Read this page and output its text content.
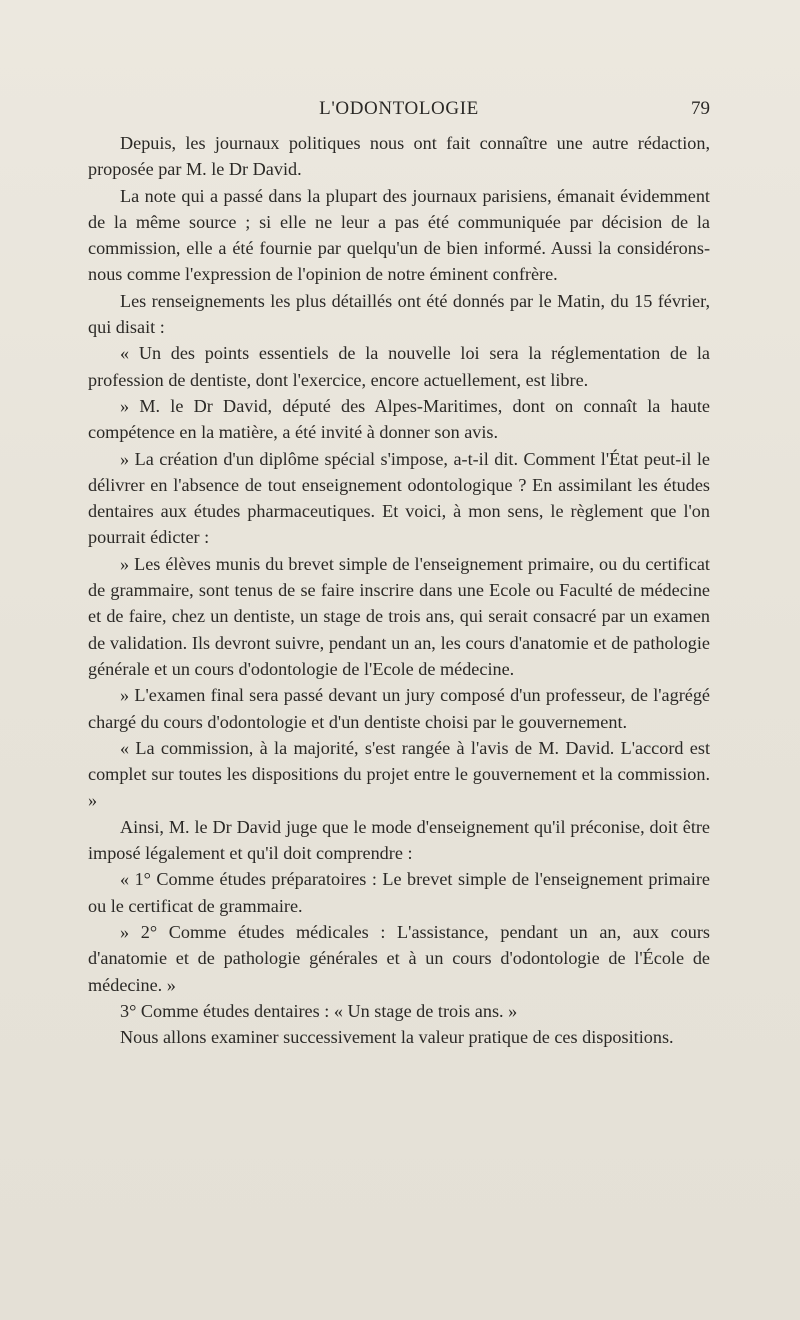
L'ODONTOLOGIE	79

Depuis, les journaux politiques nous ont fait connaître une autre rédaction, proposée par M. le Dr David.

La note qui a passé dans la plupart des journaux parisiens, émanait évidemment de la même source ; si elle ne leur a pas été communiquée par décision de la commission, elle a été fournie par quelqu'un de bien informé. Aussi la considérons-nous comme l'expression de l'opinion de notre éminent confrère.

Les renseignements les plus détaillés ont été donnés par le Matin, du 15 février, qui disait :

« Un des points essentiels de la nouvelle loi sera la réglementation de la profession de dentiste, dont l'exercice, encore actuellement, est libre.

» M. le Dr David, député des Alpes-Maritimes, dont on connaît la haute compétence en la matière, a été invité à donner son avis.

» La création d'un diplôme spécial s'impose, a-t-il dit. Comment l'État peut-il le délivrer en l'absence de tout enseignement odontologique ? En assimilant les études dentaires aux études pharmaceutiques. Et voici, à mon sens, le règlement que l'on pourrait édicter :

» Les élèves munis du brevet simple de l'enseignement primaire, ou du certificat de grammaire, sont tenus de se faire inscrire dans une Ecole ou Faculté de médecine et de faire, chez un dentiste, un stage de trois ans, qui serait consacré par un examen de validation. Ils devront suivre, pendant un an, les cours d'anatomie et de pathologie générale et un cours d'odontologie de l'Ecole de médecine.

» L'examen final sera passé devant un jury composé d'un professeur, de l'agrégé chargé du cours d'odontologie et d'un dentiste choisi par le gouvernement.

« La commission, à la majorité, s'est rangée à l'avis de M. David. L'accord est complet sur toutes les dispositions du projet entre le gouvernement et la commission. »

Ainsi, M. le Dr David juge que le mode d'enseignement qu'il préconise, doit être imposé légalement et qu'il doit comprendre :

« 1° Comme études préparatoires : Le brevet simple de l'enseignement primaire ou le certificat de grammaire.

» 2° Comme études médicales : L'assistance, pendant un an, aux cours d'anatomie et de pathologie générales et à un cours d'odontologie de l'École de médecine. »

3° Comme études dentaires : « Un stage de trois ans. »

Nous allons examiner successivement la valeur pratique de ces dispositions.
